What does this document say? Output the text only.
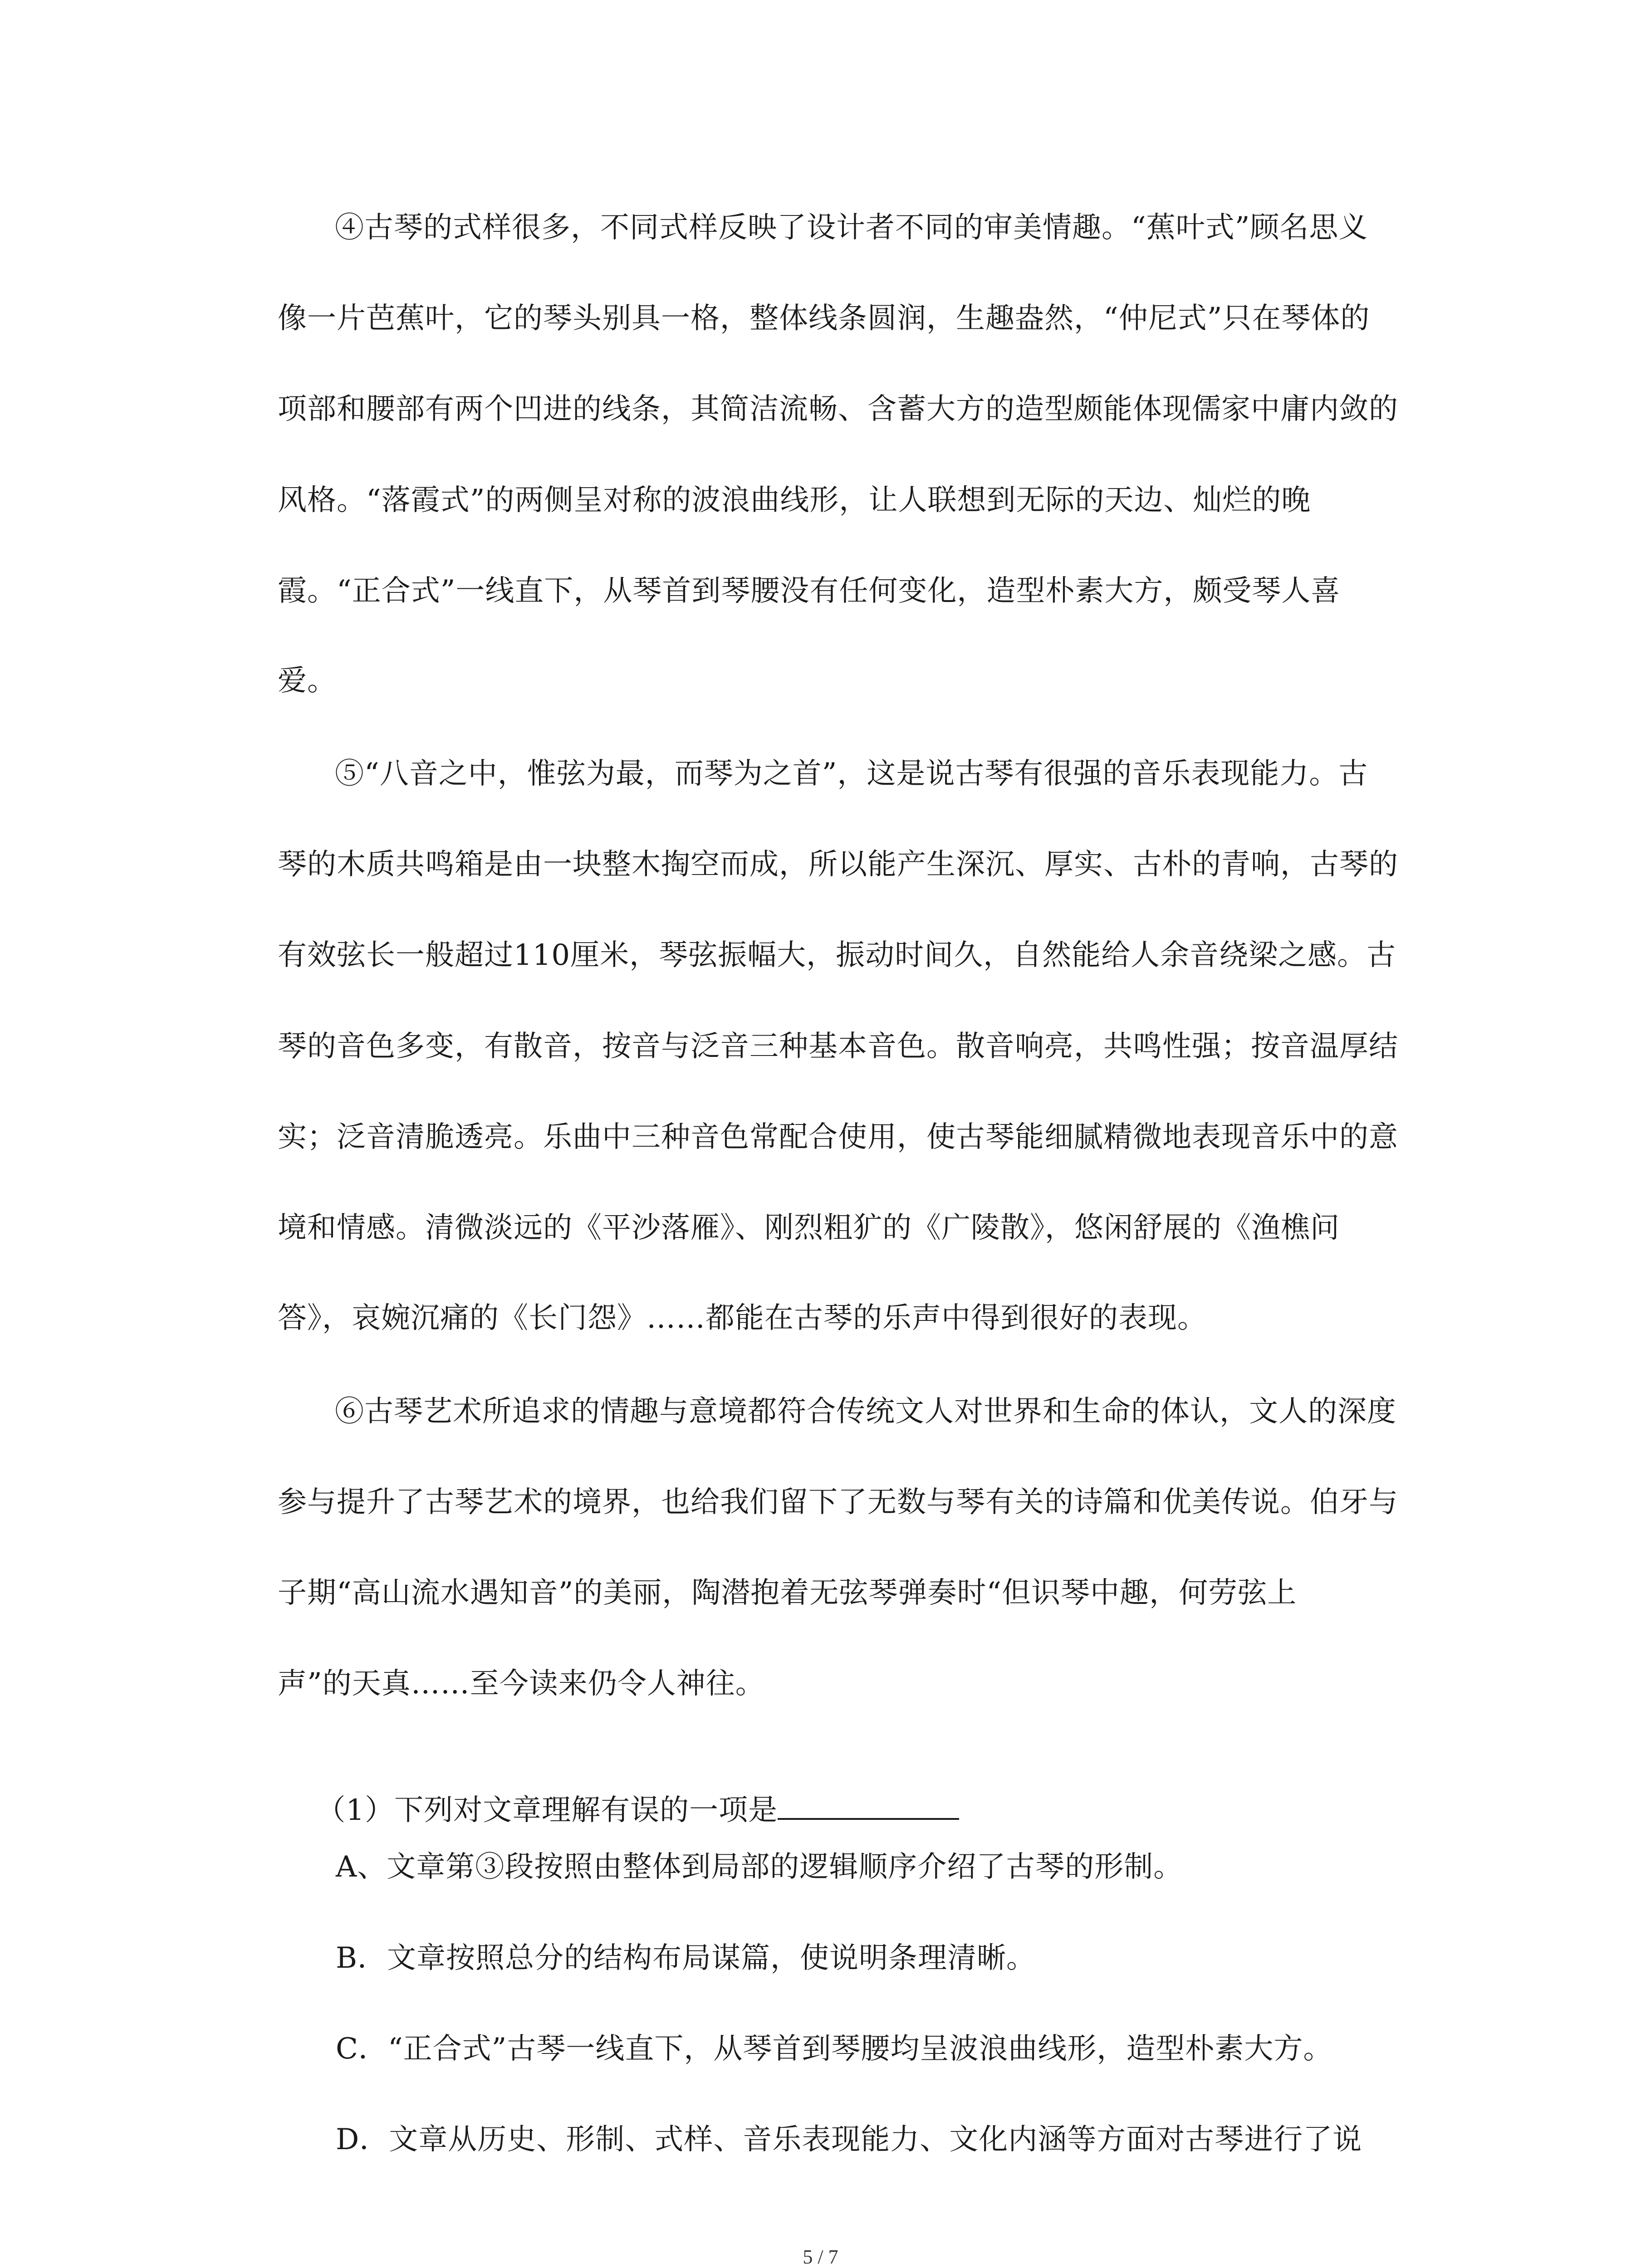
④古琴的式样很多，不同式样反映了设计者不同的审美情趣。“蕉叶式”顾名思义
像一片芭蕉叶，它的琴头别具一格，整体线条圆润，生趣盎然，“仲尼式”只在琴体的
项部和腰部有两个凹进的线条，其简洁流畅、含蓄大方的造型颇能体现儒家中庸内敛的
风格。“落霞式”的两侧呈对称的波浪曲线形，让人联想到无际的天边、灿烂的晚
霞。“正合式”一线直下，从琴首到琴腰没有任何变化，造型朴素大方，颇受琴人喜
爱。
⑤“八音之中，惟弦为最，而琴为之首”，这是说古琴有很强的音乐表现能力。古
琴的木质共鸣箱是由一块整木掏空而成，所以能产生深沉、厚实、古朴的青响，古琴的
有效弦长一般超过110厘米，琴弦振幅大，振动时间久，自然能给人余音绕梁之感。古
琴的音色多变，有散音，按音与泛音三种基本音色。散音响亮，共鸣性强；按音温厚结
实；泛音清脆透亮。乐曲中三种音色常配合使用，使古琴能细腻精微地表现音乐中的意
境和情感。清微淡远的《平沙落雁》、刚烈粗犷的《广陵散》，悠闲舒展的《渔樵问
答》，哀婉沉痛的《长门怨》……都能在古琴的乐声中得到很好的表现。
⑥古琴艺术所追求的情趣与意境都符合传统文人对世界和生命的体认，文人的深度
参与提升了古琴艺术的境界，也给我们留下了无数与琴有关的诗篇和优美传说。伯牙与
子期“高山流水遇知音”的美丽，陶潜抱着无弦琴弹奏时“但识琴中趣，何劳弦上
声”的天真……至今读来仍令人神往。

（1）下列对文章理解有误的一项是

A、文章第③段按照由整体到局部的逻辑顺序介绍了古琴的形制。
B．文章按照总分的结构布局谋篇，使说明条理清晰。
C．“正合式”古琴一线直下，从琴首到琴腰均呈波浪曲线形，造型朴素大方。
D．文章从历史、形制、式样、音乐表现能力、文化内涵等方面对古琴进行了说
5 / 7
